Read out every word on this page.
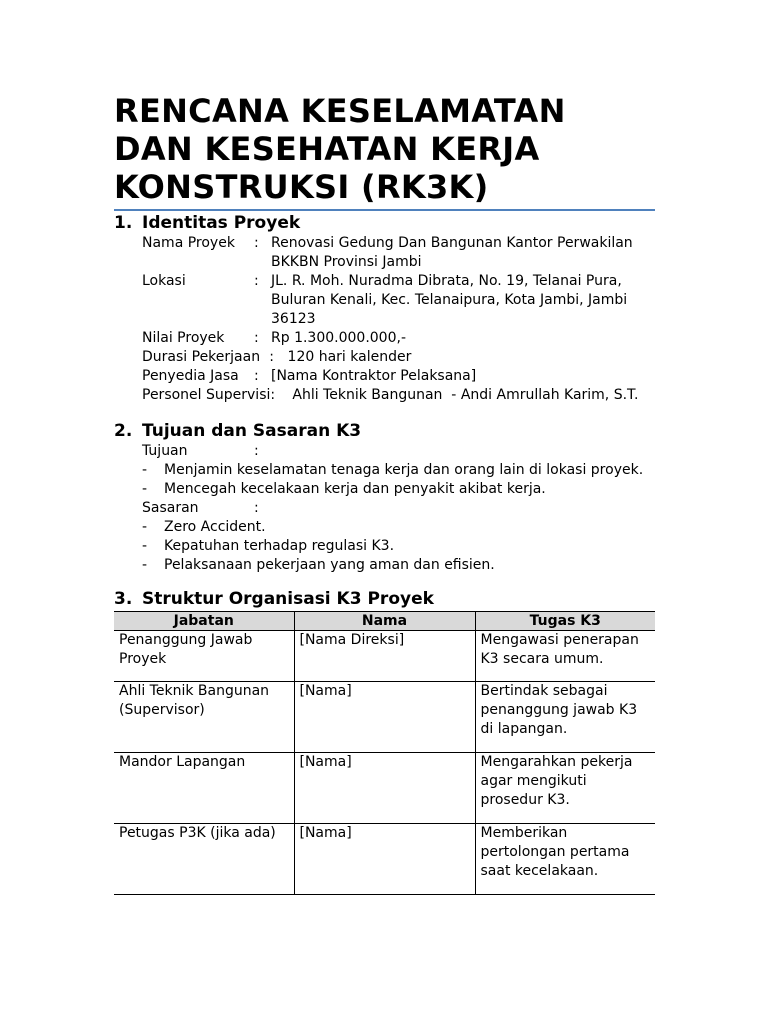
RENCANA KESELAMATAN DAN KESEHATAN KERJA KONSTRUKSI (RK3K)
1. Identitas Proyek
Nama Proyek	: Renovasi Gedung Dan Bangunan Kantor Perwakilan BKKBN Provinsi Jambi
Lokasi	: JL. R. Moh. Nuradma Dibrata, No. 19, Telanai Pura, Buluran Kenali, Kec. Telanaipura, Kota Jambi, Jambi 36123
Nilai Proyek	: Rp 1.300.000.000,-
Durasi Pekerjaan : 120 hari kalender
Penyedia Jasa	: [Nama Kontraktor Pelaksana]
Personel Supervisi :	Ahli Teknik Bangunan  - Andi Amrullah Karim, S.T.
2. Tujuan dan Sasaran K3
Tujuan	:
-	Menjamin keselamatan tenaga kerja dan orang lain di lokasi proyek.
-	Mencegah kecelakaan kerja dan penyakit akibat kerja.
Sasaran	:
-	Zero Accident.
-	Kepatuhan terhadap regulasi K3.
-	Pelaksanaan pekerjaan yang aman dan efisien.
3. Struktur Organisasi K3 Proyek
Jabatan	Nama	Tugas K3
Penanggung Jawab Proyek	[Nama Direksi]	Mengawasi penerapan K3 secara umum.
Ahli Teknik Bangunan (Supervisor)	[Nama]	Bertindak sebagai penanggung jawab K3 di lapangan.
Mandor Lapangan	[Nama]	Mengarahkan pekerja agar mengikuti prosedur K3.
Petugas P3K (jika ada)	[Nama]	Memberikan pertolongan pertama saat kecelakaan.
